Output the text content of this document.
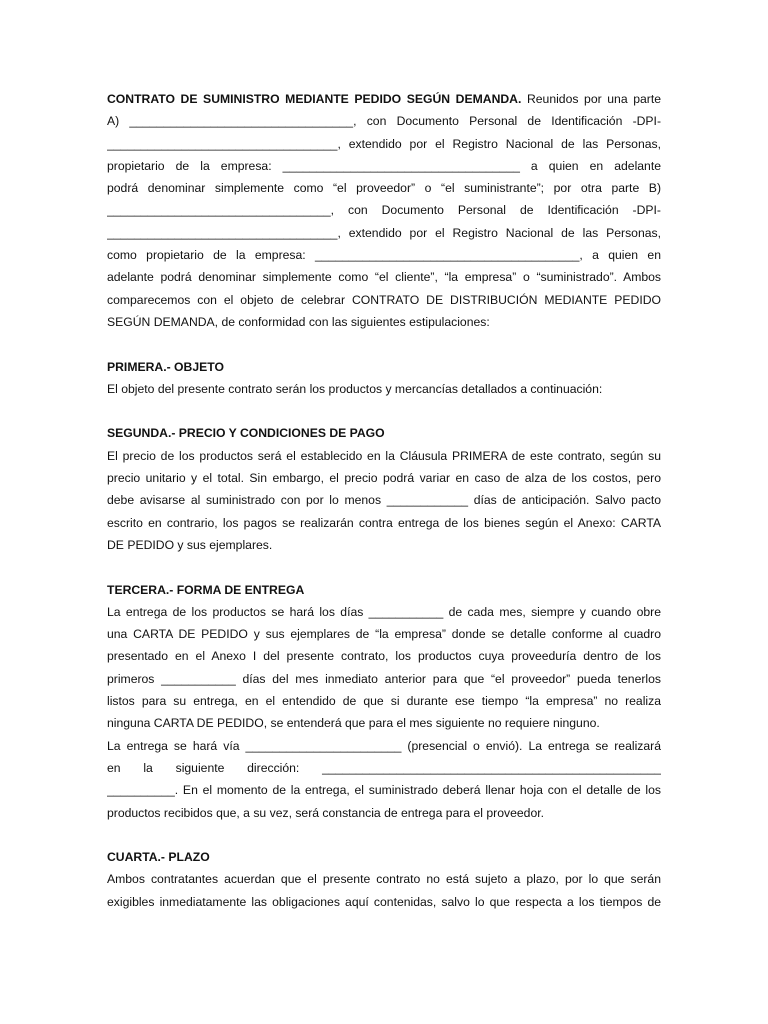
CONTRATO DE SUMINISTRO MEDIANTE PEDIDO SEGÚN DEMANDA. Reunidos por una parte
A) _________________________________, con Documento Personal de Identificación -DPI-
__________________________________, extendido por el Registro Nacional de las Personas,
propietario de la empresa: ___________________________________ a quien en adelante
podrá denominar simplemente como “el proveedor” o “el suministrante”; por otra parte B)
_________________________________, con Documento Personal de Identificación -DPI-
__________________________________, extendido por el Registro Nacional de las Personas,
como propietario de la empresa: _______________________________________, a quien en
adelante podrá denominar simplemente como “el cliente”, “la empresa” o “suministrado”. Ambos
comparecemos con el objeto de celebrar CONTRATO DE DISTRIBUCIÓN MEDIANTE PEDIDO
SEGÚN DEMANDA, de conformidad con las siguientes estipulaciones:
PRIMERA.- OBJETO
El objeto del presente contrato serán los productos y mercancías detallados a continuación:
SEGUNDA.- PRECIO Y CONDICIONES DE PAGO
El precio de los productos será el establecido en la Cláusula PRIMERA de este contrato, según su
precio unitario y el total. Sin embargo, el precio podrá variar en caso de alza de los costos, pero
debe avisarse al suministrado con por lo menos ____________ días de anticipación. Salvo pacto
escrito en contrario, los pagos se realizarán contra entrega de los bienes según el Anexo: CARTA
DE PEDIDO y sus ejemplares.
TERCERA.- FORMA DE ENTREGA
La entrega de los productos se hará los días ___________ de cada mes, siempre y cuando obre
una CARTA DE PEDIDO y sus ejemplares de “la empresa” donde se detalle conforme al cuadro
presentado en el Anexo I del presente contrato, los productos cuya proveeduría dentro de los
primeros ___________ días del mes inmediato anterior para que “el proveedor” pueda tenerlos
listos para su entrega, en el entendido de que si durante ese tiempo “la empresa” no realiza
ninguna CARTA DE PEDIDO, se entenderá que para el mes siguiente no requiere ninguno.
La entrega se hará vía _______________________ (presencial o envió). La entrega se realizará
en la siguiente dirección: __________________________________________________
__________. En el momento de la entrega, el suministrado deberá llenar hoja con el detalle de los
productos recibidos que, a su vez, será constancia de entrega para el proveedor.
CUARTA.- PLAZO
Ambos contratantes acuerdan que el presente contrato no está sujeto a plazo, por lo que serán
exigibles inmediatamente las obligaciones aquí contenidas, salvo lo que respecta a los tiempos de
